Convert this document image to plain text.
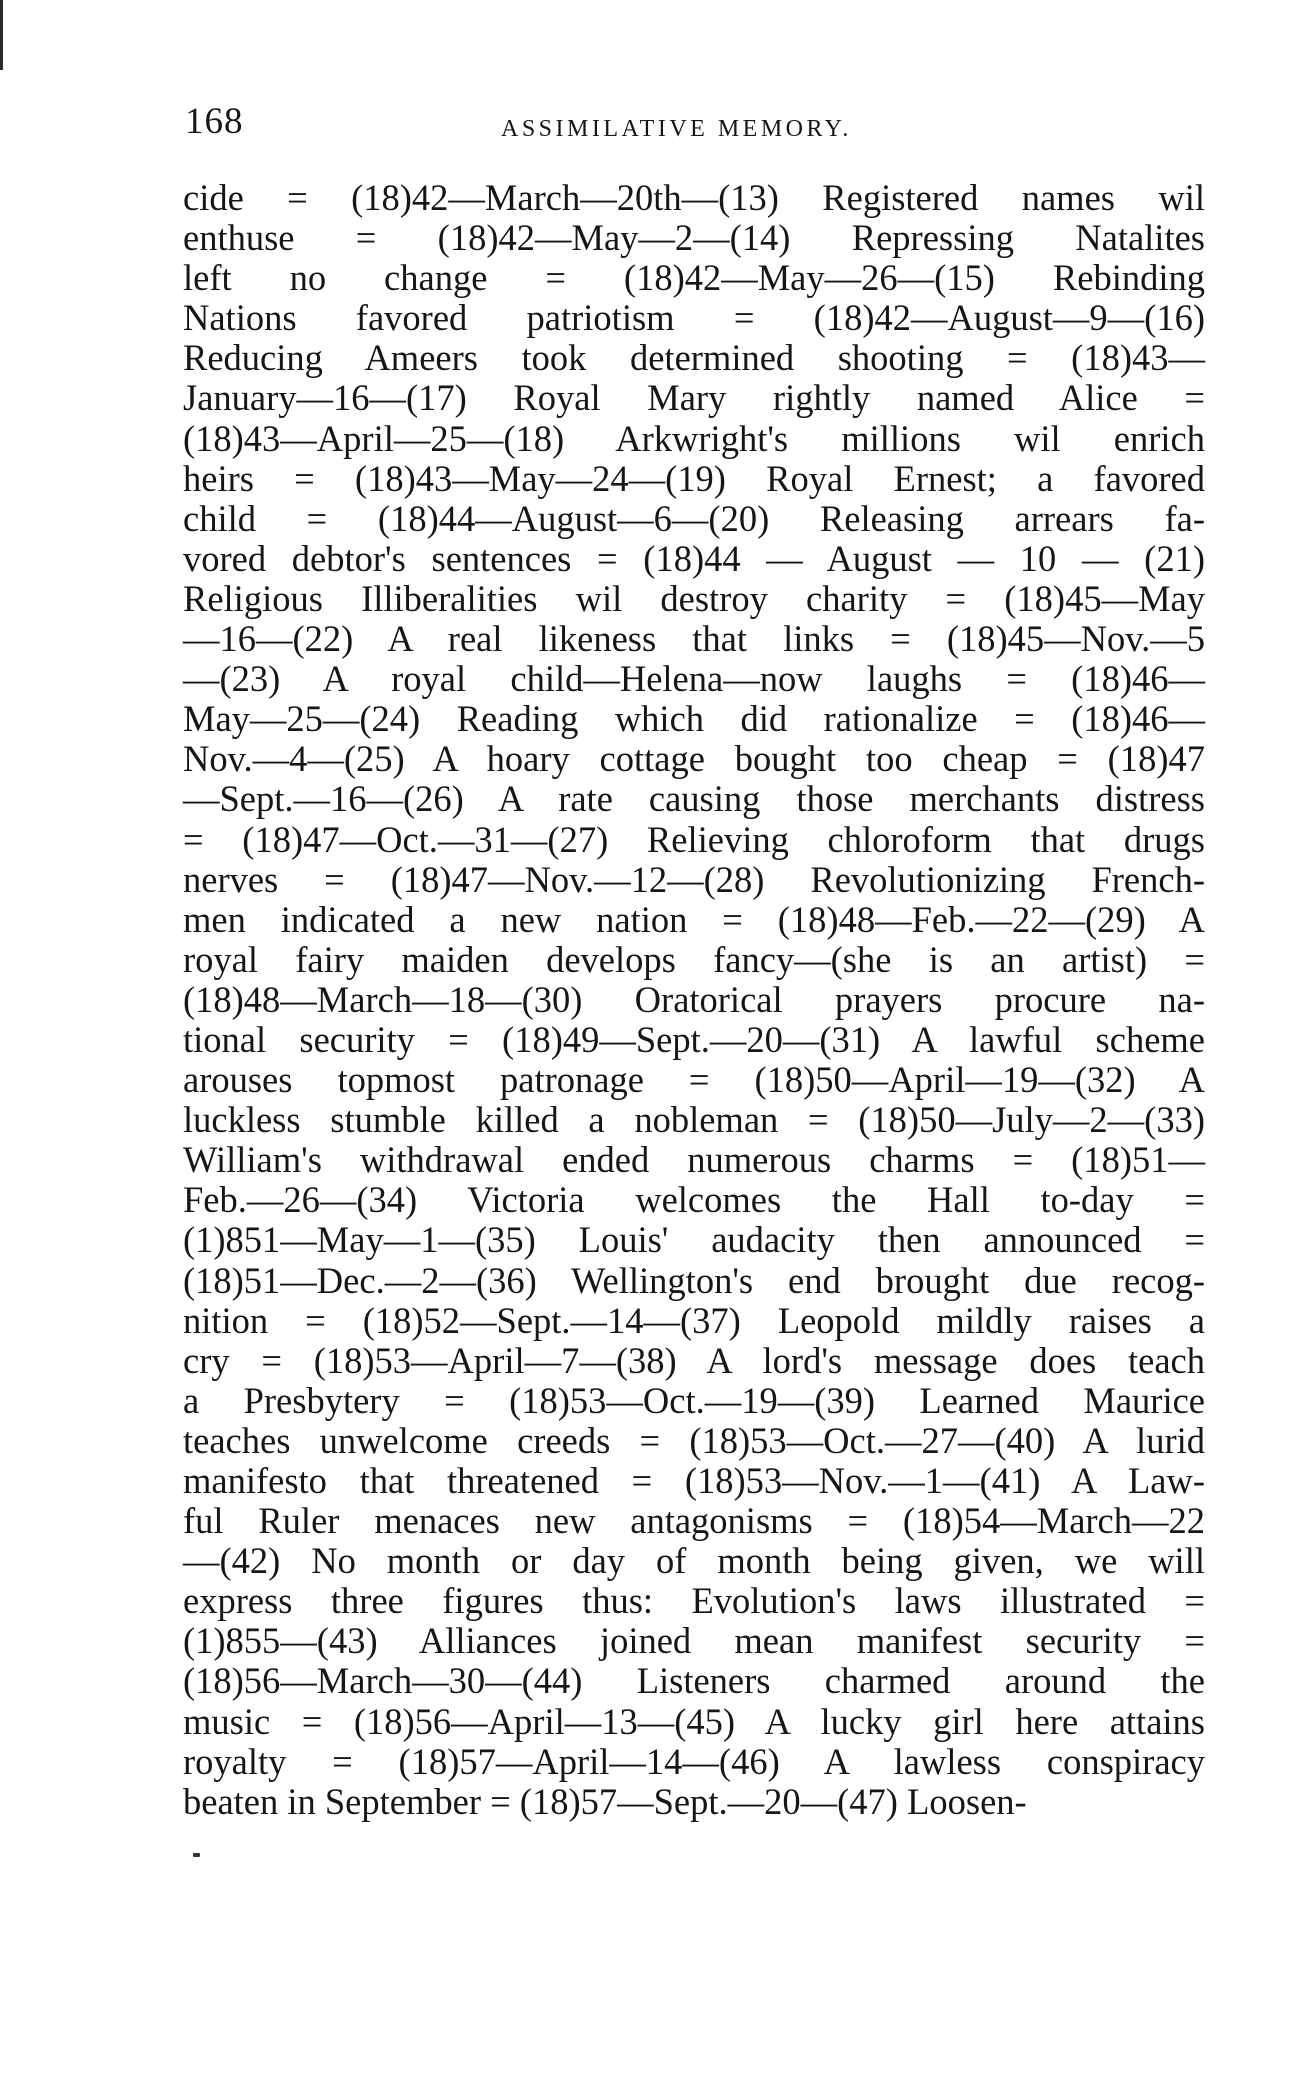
168	ASSIMILATIVE MEMORY.
cide = (18)42—March—20th—(13) Registered names wil
enthuse = (18)42—May—2—(14) Repressing Natalites
left no change = (18)42—May—26—(15) Rebinding
Nations favored patriotism = (18)42—August—9—(16)
Reducing Ameers took determined shooting = (18)43—
January—16—(17) Royal Mary rightly named Alice =
(18)43—April—25—(18) Arkwright's millions wil enrich
heirs = (18)43—May—24—(19) Royal Ernest; a favored
child = (18)44—August—6—(20) Releasing arrears fa-
vored debtor's sentences = (18)44 — August — 10 — (21)
Religious Illiberalities wil destroy charity = (18)45—May
—16—(22) A real likeness that links = (18)45—Nov.—5
—(23) A royal child—Helena—now laughs = (18)46—
May—25—(24) Reading which did rationalize = (18)46—
Nov.—4—(25) A hoary cottage bought too cheap = (18)47
—Sept.—16—(26) A rate causing those merchants distress
= (18)47—Oct.—31—(27) Relieving chloroform that drugs
nerves = (18)47—Nov.—12—(28) Revolutionizing French-
men indicated a new nation = (18)48—Feb.—22—(29) A
royal fairy maiden develops fancy—(she is an artist) =
(18)48—March—18—(30) Oratorical prayers procure na-
tional security = (18)49—Sept.—20—(31) A lawful scheme
arouses topmost patronage = (18)50—April—19—(32) A
luckless stumble killed a nobleman = (18)50—July—2—(33)
William's withdrawal ended numerous charms = (18)51—
Feb.—26—(34) Victoria welcomes the Hall to-day =
(1)851—May—1—(35) Louis' audacity then announced =
(18)51—Dec.—2—(36) Wellington's end brought due recog-
nition = (18)52—Sept.—14—(37) Leopold mildly raises a
cry = (18)53—April—7—(38) A lord's message does teach
a Presbytery = (18)53—Oct.—19—(39) Learned Maurice
teaches unwelcome creeds = (18)53—Oct.—27—(40) A lurid
manifesto that threatened = (18)53—Nov.—1—(41) A Law-
ful Ruler menaces new antagonisms = (18)54—March—22
—(42) No month or day of month being given, we will
express three figures thus: Evolution's laws illustrated =
(1)855—(43) Alliances joined mean manifest security =
(18)56—March—30—(44) Listeners charmed around the
music = (18)56—April—13—(45) A lucky girl here attains
royalty = (18)57—April—14—(46) A lawless conspiracy
beaten in September = (18)57—Sept.—20—(47) Loosen-
